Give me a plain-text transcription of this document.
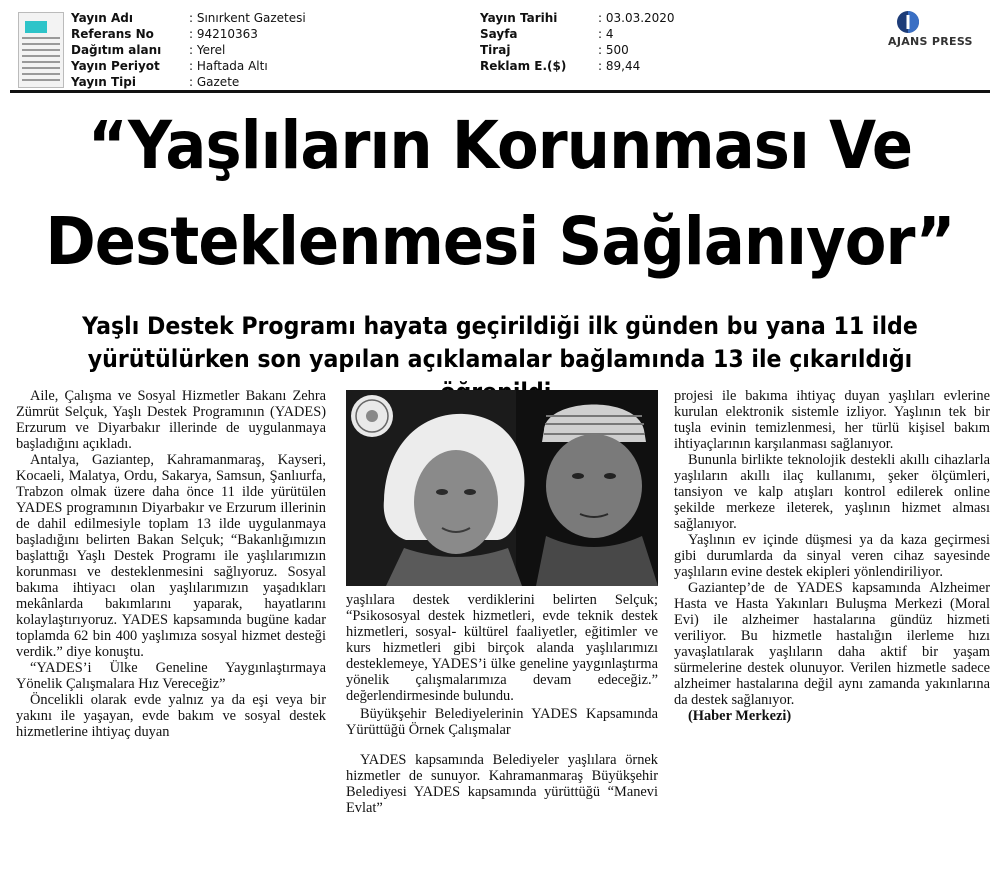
Yayın Adı	: Sınırkent Gazetesi
Referans No	: 94210363
Dağıtım alanı : Yerel
Yayın Periyot : Haftada Altı
Yayın Tipi	: Gazete
Yayın Tarihi	: 03.03.2020
Sayfa	: 4
Tiraj	: 500
Reklam E.($)	: 89,44
AJANS PRESS
“Yaşlıların Korunması Ve
Desteklenmesi Sağlanıyor”
Yaşlı Destek Programı hayata geçirildiği ilk günden bu yana 11 ilde
yürütülürken son yapılan açıklamalar bağlamında 13 ile çıkarıldığı

Aile, Çalışma ve Sosyal Hizmetler Bakanı Zehra Zümrüt Selçuk, Yaşlı Destek Programının (YADES) Erzurum ve Diyarbakır illerinde de uygulanmaya başladığını açıkladı.

Antalya, Gaziantep, Kahramanmaraş, Kayseri, Kocaeli, Malatya, Ordu, Sakarya, Samsun, Şanlıurfa, Trabzon olmak üzere daha önce 11 ilde yürütülen YADES programının Diyarbakır ve Erzurum illerinin de dahil edilmesiyle toplam 13 ilde uygulanmaya başladığını belirten Bakan Selçuk; “Bakanlığımızın başlattığı Yaşlı Destek Programı ile yaşlılarımızın korunması ve desteklenmesini sağlıyoruz. Sosyal bakıma ihtiyacı olan yaşlılarımızın yaşadıkları mekânlarda bakımlarını yaparak, hayatlarını kolaylaştırıyoruz. YADES kapsamında bugüne kadar toplamda 62 bin 400 yaşlımıza sosyal hizmet desteği verdik.” diye konuştu.

“YADES’i Ülke Geneline Yaygınlaştırmaya Yönelik Çalışmalara Hız Vereceğiz”

Öncelikli olarak evde yalnız ya da eşi veya bir yakını ile yaşayan, evde bakım ve sosyal destek hizmetlerine ihtiyaç duyan

yaşlılara destek verdiklerini belirten Selçuk; “Psikososyal destek hizmetleri, evde teknik destek hizmetleri, sosyal- kültürel faaliyetler, eğitimler ve kurs hizmetleri gibi birçok alanda yaşlılarımızı desteklemeye, YADES’i ülke geneline yaygınlaştırma yönelik çalışmalarımıza devam edeceğiz.” değerlendirmesinde bulundu.

Büyükşehir Belediyelerinin YADES Kapsamında Yürüttüğü Örnek Çalışmalar

YADES kapsamında Belediyeler yaşlılara örnek hizmetler de sunuyor. Kahramanmaraş Büyükşehir Belediyesi YADES kapsamında yürüttüğü “Manevi Evlat”

projesi ile bakıma ihtiyaç duyan yaşlıları evlerine kurulan elektronik sistemle izliyor. Yaşlının tek bir tuşla evinin temizlenmesi, her türlü kişisel bakım ihtiyaçlarının karşılanması sağlanıyor.

Bununla birlikte teknolojik destekli akıllı cihazlarla yaşlıların akıllı ilaç kullanımı, şeker ölçümleri, tansiyon ve kalp atışları kontrol edilerek online şekilde merkeze ileterek, yaşlının hizmet alması sağlanıyor.

Yaşlının ev içinde düşmesi ya da kaza geçirmesi gibi durumlarda da sinyal veren cihaz sayesinde yaşlıların evine destek ekipleri yönlendiriliyor.

Gaziantep’de de YADES kapsamında Alzheimer Hasta ve Hasta Yakınları Buluşma Merkezi (Moral Evi) ile alzheimer hastalarına gündüz hizmeti veriliyor. Bu hizmetle hastalığın ilerleme hızı yavaşlatılarak yaşlıların daha aktif bir yaşam sürmelerine destek olunuyor. Verilen hizmetle sadece alzheimer hastalarına değil aynı zamanda yakınlarına da destek sağlanıyor.

(Haber Merkezi)
